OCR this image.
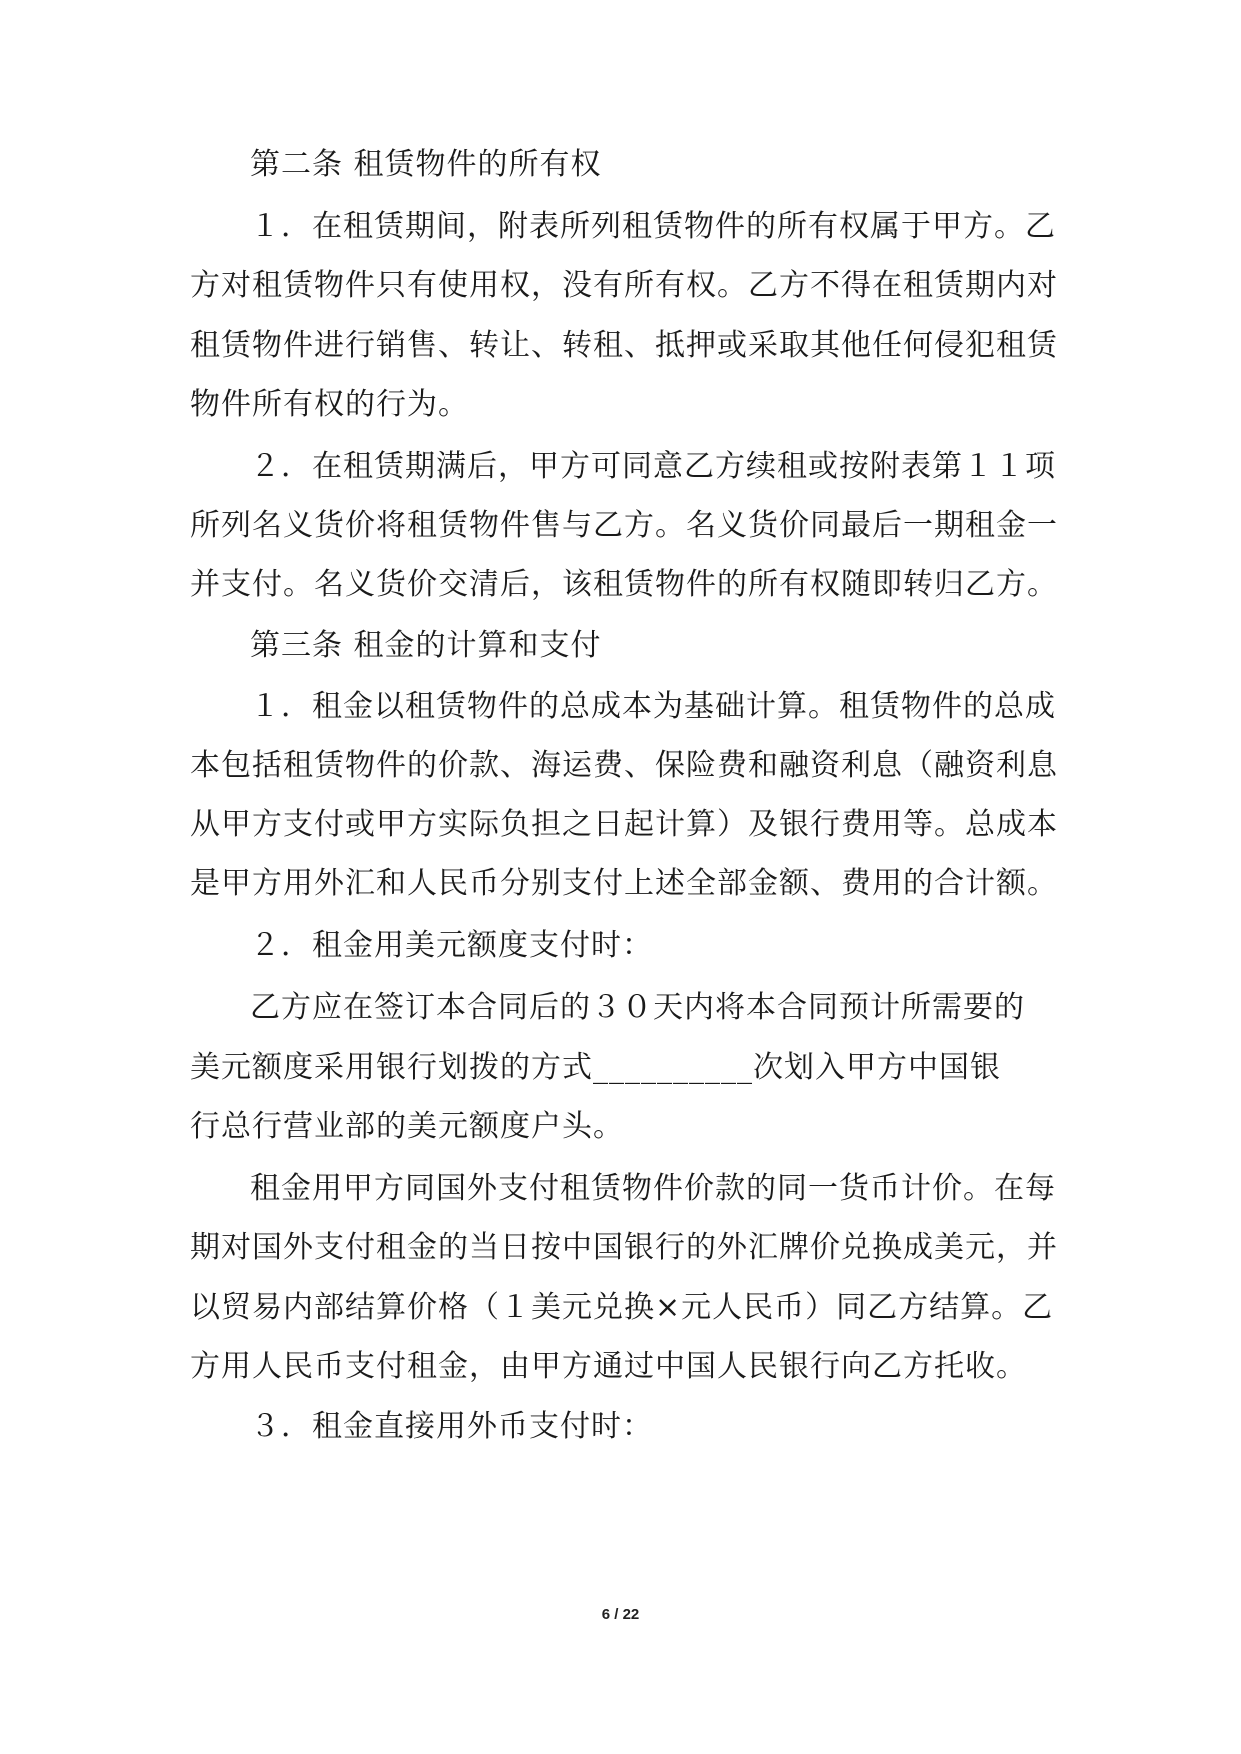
第二条 租赁物件的所有权
１．在租赁期间，附表所列租赁物件的所有权属于甲方。乙
方对租赁物件只有使用权，没有所有权。乙方不得在租赁期内对
租赁物件进行销售、转让、转租、抵押或采取其他任何侵犯租赁
物件所有权的行为。
２．在租赁期满后，甲方可同意乙方续租或按附表第１１项
所列名义货价将租赁物件售与乙方。名义货价同最后一期租金一
并支付。名义货价交清后，该租赁物件的所有权随即转归乙方。
第三条 租金的计算和支付
１．租金以租赁物件的总成本为基础计算。租赁物件的总成
本包括租赁物件的价款、海运费、保险费和融资利息（融资利息
从甲方支付或甲方实际负担之日起计算）及银行费用等。总成本
是甲方用外汇和人民币分别支付上述全部金额、费用的合计额。
２．租金用美元额度支付时：
乙方应在签订本合同后的３０天内将本合同预计所需要的
美元额度采用银行划拨的方式__________次划入甲方中国银
行总行营业部的美元额度户头。
租金用甲方同国外支付租赁物件价款的同一货币计价。在每
期对国外支付租金的当日按中国银行的外汇牌价兑换成美元，并
以贸易内部结算价格（１美元兑换×元人民币）同乙方结算。乙
方用人民币支付租金，由甲方通过中国人民银行向乙方托收。
３．租金直接用外币支付时：
6 / 22
